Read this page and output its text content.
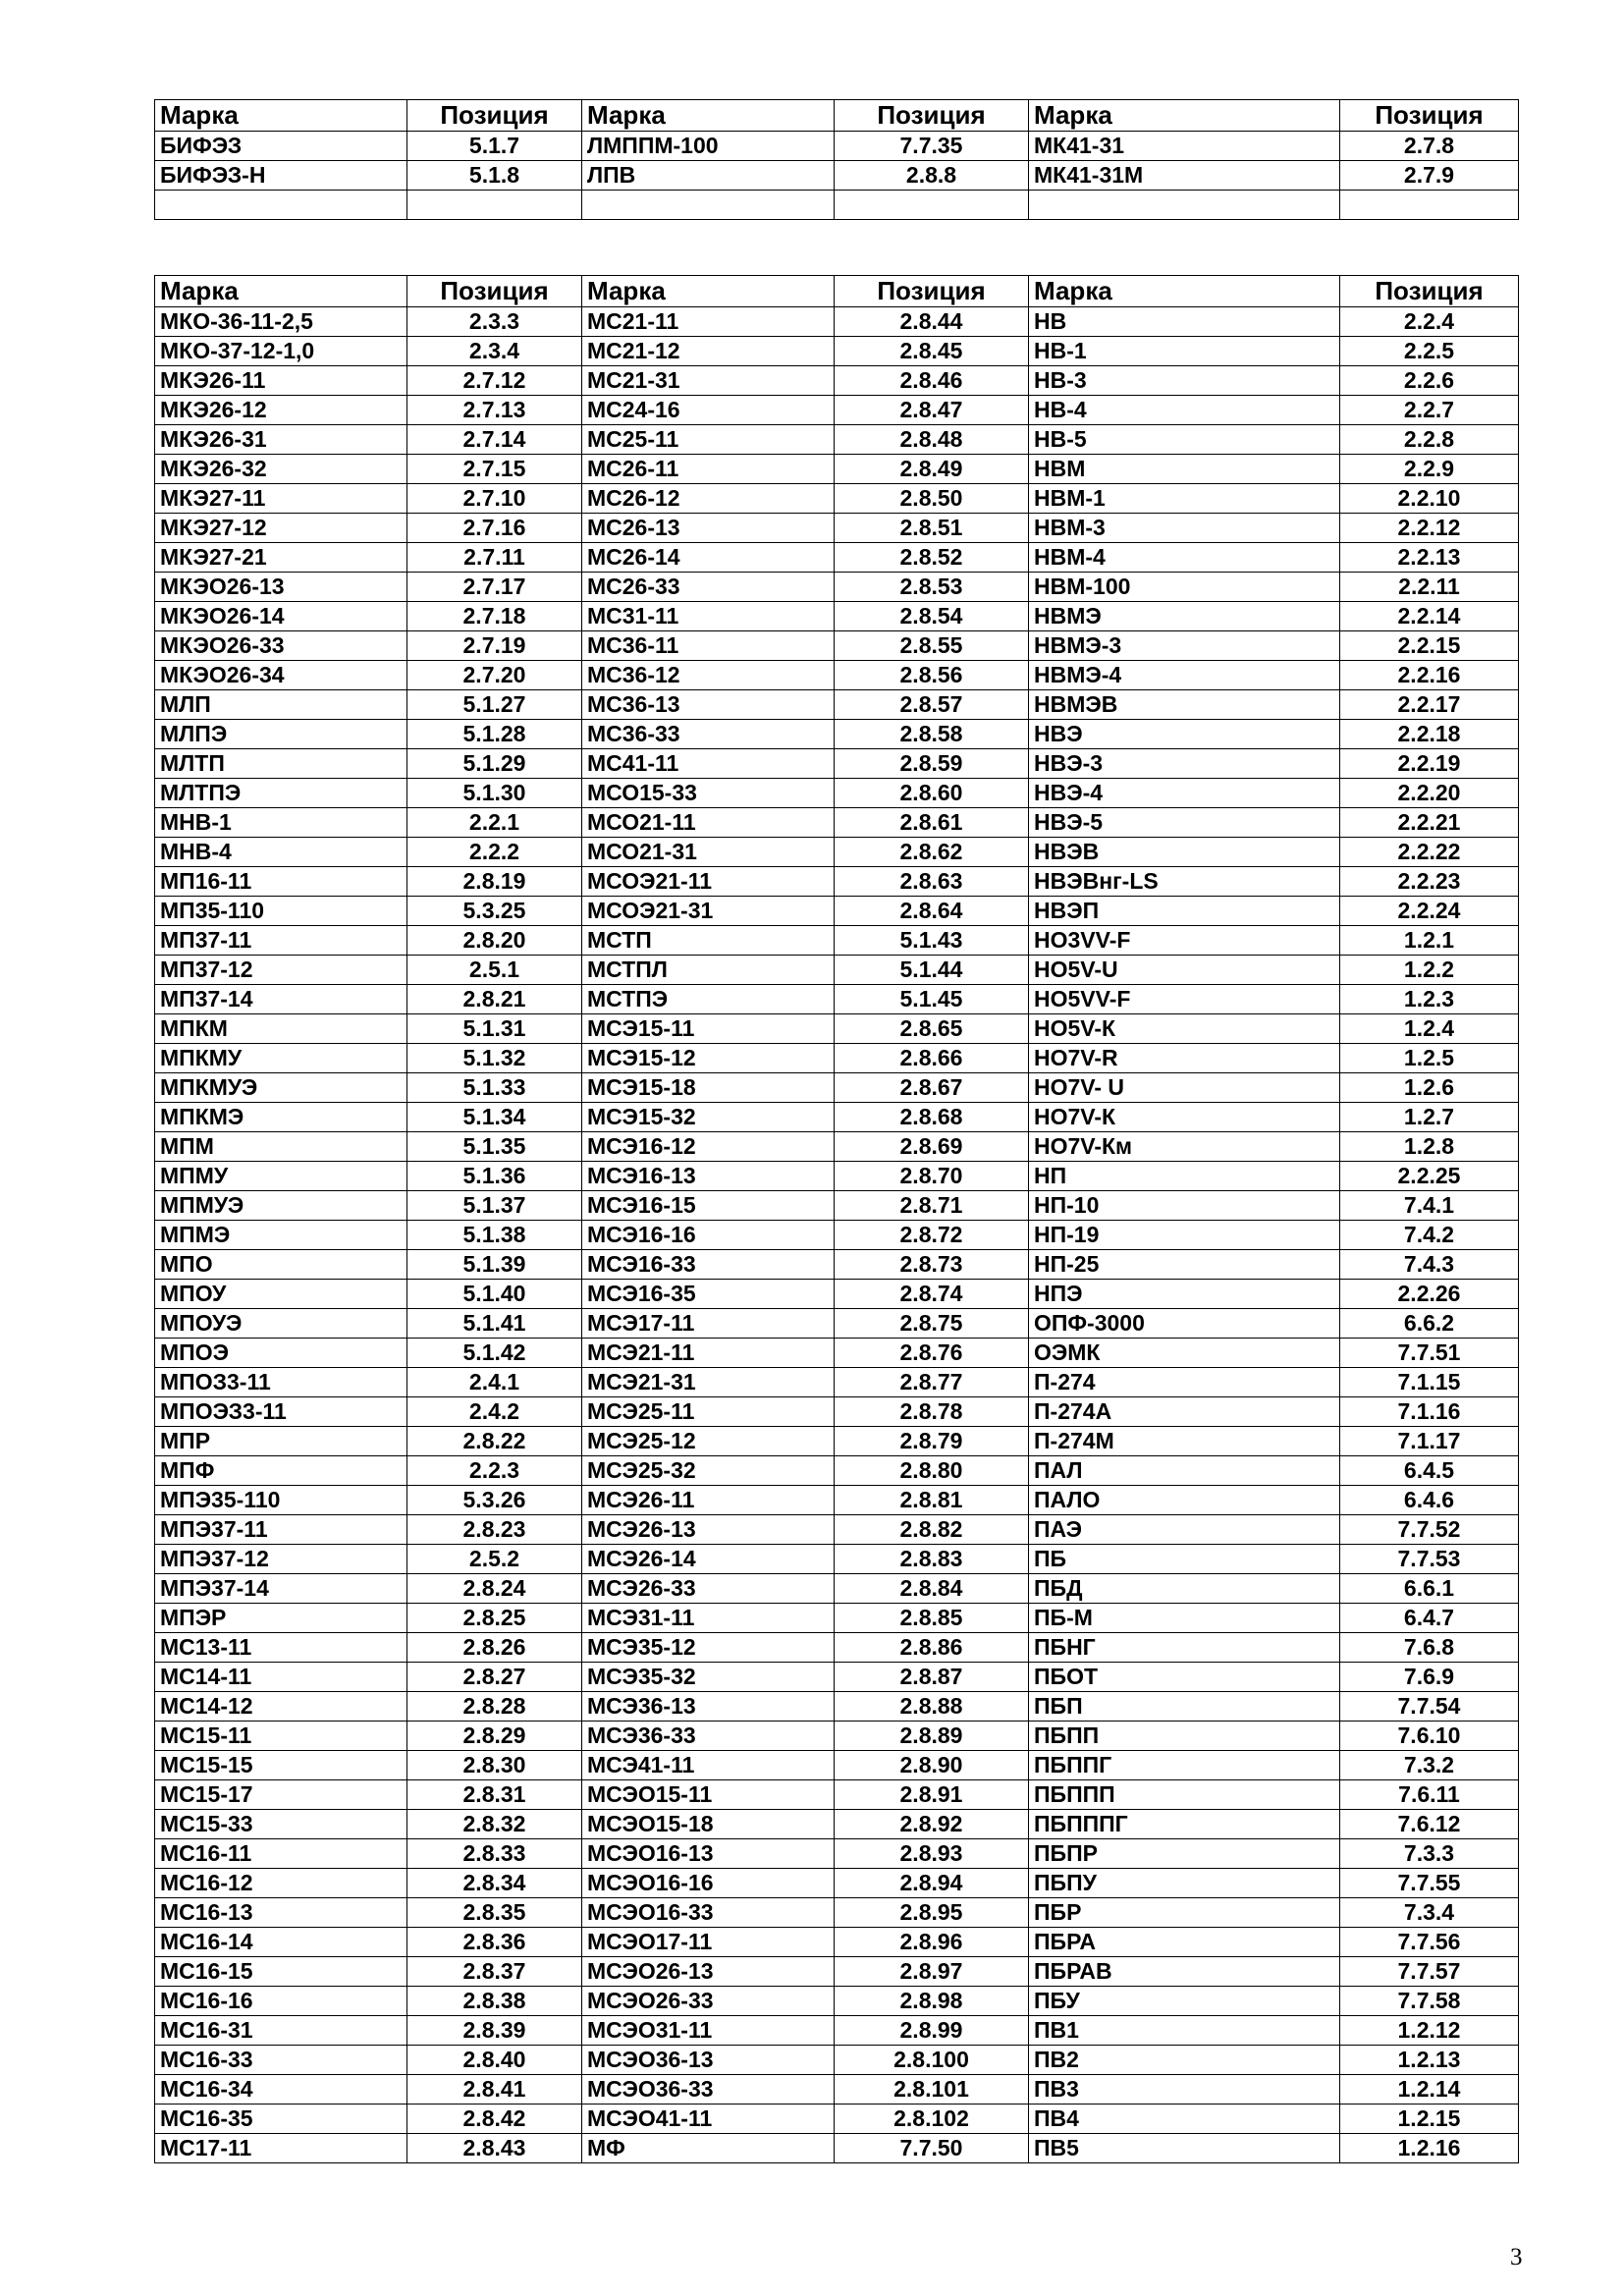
Марка	Позиция	Марка	Позиция	Марка	Позиция
БИФЭЗ	5.1.7	ЛМППМ-100	7.7.35	МК41-31	2.7.8
БИФЭЗ-Н	5.1.8	ЛПВ	2.8.8	МК41-31М	2.7.9

Марка	Позиция	Марка	Позиция	Марка	Позиция
МКО-36-11-2,5	2.3.3	МС21-11	2.8.44	НВ	2.2.4
МКО-37-12-1,0	2.3.4	МС21-12	2.8.45	НВ-1	2.2.5
МКЭ26-11	2.7.12	МС21-31	2.8.46	НВ-3	2.2.6
МКЭ26-12	2.7.13	МС24-16	2.8.47	НВ-4	2.2.7
МКЭ26-31	2.7.14	МС25-11	2.8.48	НВ-5	2.2.8
МКЭ26-32	2.7.15	МС26-11	2.8.49	НВМ	2.2.9
МКЭ27-11	2.7.10	МС26-12	2.8.50	НВМ-1	2.2.10
МКЭ27-12	2.7.16	МС26-13	2.8.51	НВМ-3	2.2.12
МКЭ27-21	2.7.11	МС26-14	2.8.52	НВМ-4	2.2.13
МКЭО26-13	2.7.17	МС26-33	2.8.53	НВМ-100	2.2.11
МКЭО26-14	2.7.18	МС31-11	2.8.54	НВМЭ	2.2.14
МКЭО26-33	2.7.19	МС36-11	2.8.55	НВМЭ-3	2.2.15
МКЭО26-34	2.7.20	МС36-12	2.8.56	НВМЭ-4	2.2.16
МЛП	5.1.27	МС36-13	2.8.57	НВМЭВ	2.2.17
МЛПЭ	5.1.28	МС36-33	2.8.58	НВЭ	2.2.18
МЛТП	5.1.29	МС41-11	2.8.59	НВЭ-3	2.2.19
МЛТПЭ	5.1.30	МСО15-33	2.8.60	НВЭ-4	2.2.20
МНВ-1	2.2.1	МСО21-11	2.8.61	НВЭ-5	2.2.21
МНВ-4	2.2.2	МСО21-31	2.8.62	НВЭВ	2.2.22
МП16-11	2.8.19	МСОЭ21-11	2.8.63	НВЭВнг-LS	2.2.23
МП35-110	5.3.25	МСОЭ21-31	2.8.64	НВЭП	2.2.24
МП37-11	2.8.20	МСТП	5.1.43	НО3VV-F	1.2.1
МП37-12	2.5.1	МСТПЛ	5.1.44	НО5V-U	1.2.2
МП37-14	2.8.21	МСТПЭ	5.1.45	НО5VV-F	1.2.3
МПКМ	5.1.31	МСЭ15-11	2.8.65	НО5V-К	1.2.4
МПКМУ	5.1.32	МСЭ15-12	2.8.66	НО7V-R	1.2.5
МПКМУЭ	5.1.33	МСЭ15-18	2.8.67	НО7V- U	1.2.6
МПКМЭ	5.1.34	МСЭ15-32	2.8.68	НО7V-К	1.2.7
МПМ	5.1.35	МСЭ16-12	2.8.69	НО7V-Км	1.2.8
МПМУ	5.1.36	МСЭ16-13	2.8.70	НП	2.2.25
МПМУЭ	5.1.37	МСЭ16-15	2.8.71	НП-10	7.4.1
МПМЭ	5.1.38	МСЭ16-16	2.8.72	НП-19	7.4.2
МПО	5.1.39	МСЭ16-33	2.8.73	НП-25	7.4.3
МПОУ	5.1.40	МСЭ16-35	2.8.74	НПЭ	2.2.26
МПОУЭ	5.1.41	МСЭ17-11	2.8.75	ОПФ-3000	6.6.2
МПОЭ	5.1.42	МСЭ21-11	2.8.76	ОЭМК	7.7.51
МПОЗ3-11	2.4.1	МСЭ21-31	2.8.77	П-274	7.1.15
МПОЭЗ3-11	2.4.2	МСЭ25-11	2.8.78	П-274А	7.1.16
МПР	2.8.22	МСЭ25-12	2.8.79	П-274М	7.1.17
МПФ	2.2.3	МСЭ25-32	2.8.80	ПАЛ	6.4.5
МПЭ35-110	5.3.26	МСЭ26-11	2.8.81	ПАЛО	6.4.6
МПЭ37-11	2.8.23	МСЭ26-13	2.8.82	ПАЭ	7.7.52
МПЭ37-12	2.5.2	МСЭ26-14	2.8.83	ПБ	7.7.53
МПЭ37-14	2.8.24	МСЭ26-33	2.8.84	ПБД	6.6.1
МПЭР	2.8.25	МСЭ31-11	2.8.85	ПБ-М	6.4.7
МС13-11	2.8.26	МСЭ35-12	2.8.86	ПБНГ	7.6.8
МС14-11	2.8.27	МСЭ35-32	2.8.87	ПБОТ	7.6.9
МС14-12	2.8.28	МСЭ36-13	2.8.88	ПБП	7.7.54
МС15-11	2.8.29	МСЭ36-33	2.8.89	ПБПП	7.6.10
МС15-15	2.8.30	МСЭ41-11	2.8.90	ПБППГ	7.3.2
МС15-17	2.8.31	МСЭО15-11	2.8.91	ПБППП	7.6.11
МС15-33	2.8.32	МСЭО15-18	2.8.92	ПБПППГ	7.6.12
МС16-11	2.8.33	МСЭО16-13	2.8.93	ПБПР	7.3.3
МС16-12	2.8.34	МСЭО16-16	2.8.94	ПБПУ	7.7.55
МС16-13	2.8.35	МСЭО16-33	2.8.95	ПБР	7.3.4
МС16-14	2.8.36	МСЭО17-11	2.8.96	ПБРА	7.7.56
МС16-15	2.8.37	МСЭО26-13	2.8.97	ПБРАВ	7.7.57
МС16-16	2.8.38	МСЭО26-33	2.8.98	ПБУ	7.7.58
МС16-31	2.8.39	МСЭО31-11	2.8.99	ПВ1	1.2.12
МС16-33	2.8.40	МСЭО36-13	2.8.100	ПВ2	1.2.13
МС16-34	2.8.41	МСЭО36-33	2.8.101	ПВ3	1.2.14
МС16-35	2.8.42	МСЭО41-11	2.8.102	ПВ4	1.2.15
МС17-11	2.8.43	МФ	7.7.50	ПВ5	1.2.16
3
